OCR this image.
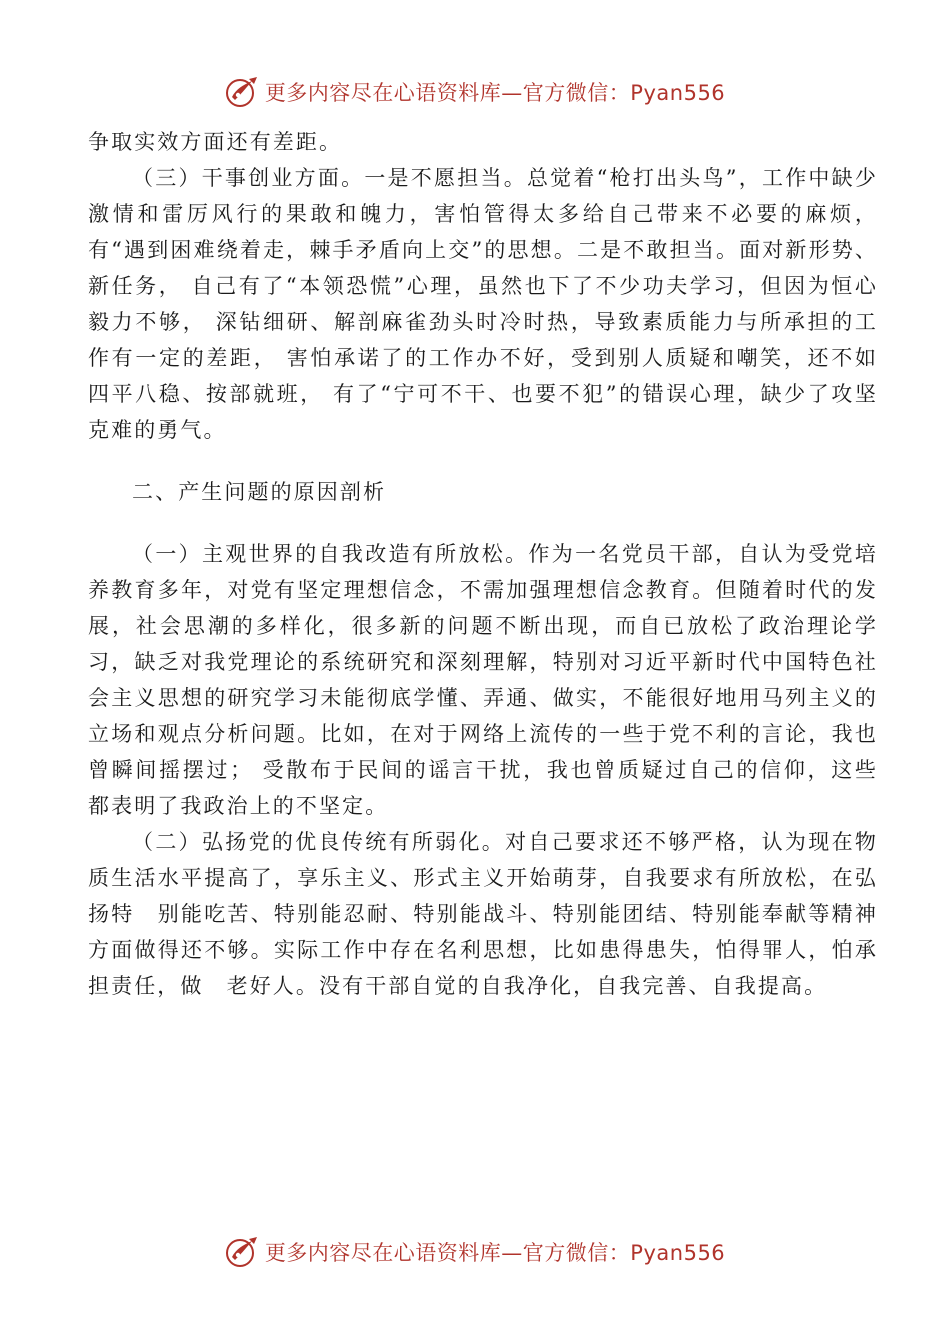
更多内容尽在心语资料库—官方微信：Pyan556

争取实效方面还有差距。

（三）干事创业方面。一是不愿担当。总觉着“枪打出头鸟”，工作中缺少激情和雷厉风行的果敢和魄力，害怕管得太多给自己带来不必要的麻烦，有“遇到困难绕着走，棘手矛盾向上交”的思想。二是不敢担当。面对新形势、新任务， 自己有了“本领恐慌”心理，虽然也下了不少功夫学习，但因为恒心毅力不够， 深钻细研、解剖麻雀劲头时冷时热，导致素质能力与所承担的工作有一定的差距， 害怕承诺了的工作办不好，受到别人质疑和嘲笑，还不如四平八稳、按部就班， 有了“宁可不干、也要不犯”的错误心理，缺少了攻坚克难的勇气。

二、产生问题的原因剖析

（一）主观世界的自我改造有所放松。作为一名党员干部，自认为受党培养教育多年，对党有坚定理想信念，不需加强理想信念教育。但随着时代的发展，社会思潮的多样化，很多新的问题不断出现，而自已放松了政治理论学习，缺乏对我党理论的系统研究和深刻理解，特别对习近平新时代中国特色社会主义思想的研究学习未能彻底学懂、弄通、做实，不能很好地用马列主义的立场和观点分析问题。比如，在对于网络上流传的一些于党不利的言论，我也曾瞬间摇摆过； 受散布于民间的谣言干扰，我也曾质疑过自己的信仰，这些都表明了我政治上的不坚定。

（二）弘扬党的优良传统有所弱化。对自己要求还不够严格，认为现在物质生活水平提高了，享乐主义、形式主义开始萌芽，自我要求有所放松，在弘扬特　别能吃苦、特别能忍耐、特别能战斗、特别能团结、特别能奉献等精神方面做得还不够。实际工作中存在名利思想，比如患得患失，怕得罪人，怕承担责任，做　老好人。没有干部自觉的自我净化，自我完善、自我提高。

更多内容尽在心语资料库—官方微信：Pyan556
